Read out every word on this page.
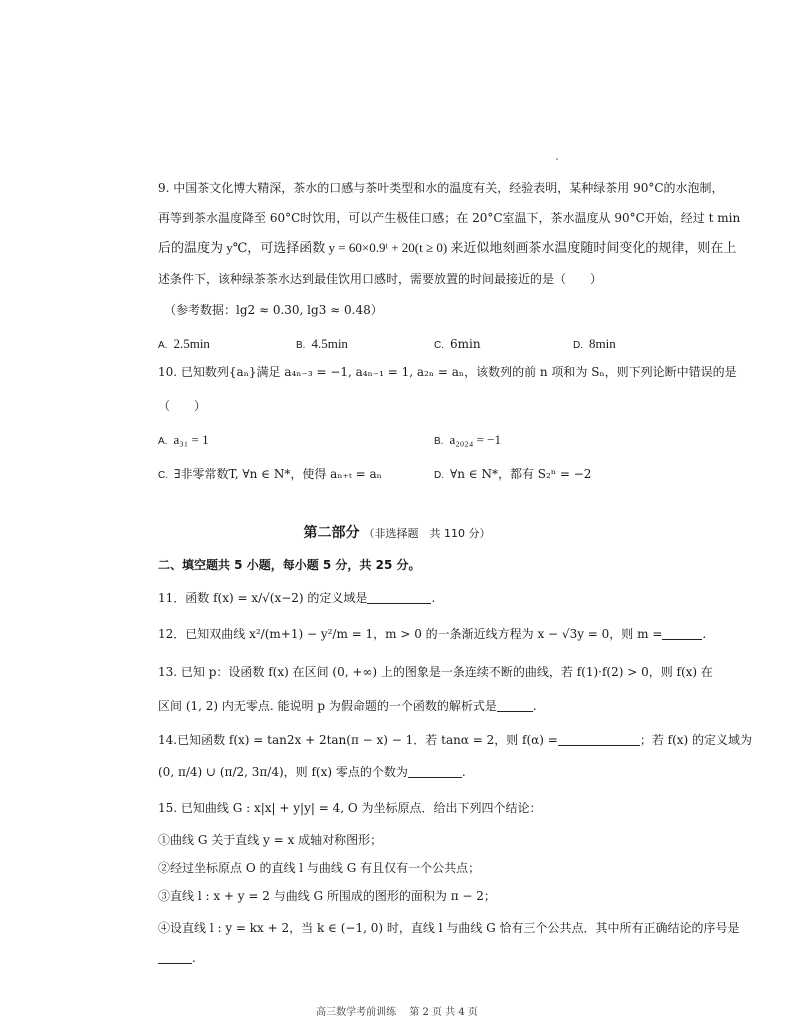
9. 中国茶文化博大精深，茶水的口感与茶叶类型和水的温度有关，经验表明，某种绿茶用 90°C的水泡制，
再等到茶水温度降至 60°C时饮用，可以产生极佳口感；在 20°C室温下，茶水温度从 90°C开始，经过 t min
后的温度为 y℃，可选择函数 y = 60×0.9ᵗ + 20(t ≥ 0) 来近似地刻画茶水温度随时间变化的规律，则在上
述条件下，该种绿茶茶水达到最佳饮用口感时，需要放置的时间最接近的是（　　）
（参考数据：lg2 ≈ 0.30, lg3 ≈ 0.48）
A. 2.5min	B. 4.5min	C. 6min	D. 8min
10. 已知数列{aₙ}满足 a₄ₙ₋₃ = −1, a₄ₙ₋₁ = 1, a₂ₙ = aₙ，该数列的前 n 项和为 Sₙ，则下列论断中错误的是
（　　）
A. a₃₁ = 1	B. a₂₀₂₄ = −1
C. ∃非零常数T, ∀n ∈ N*，使得 aₙ₊ₜ = aₙ	D. ∀n ∈ N*，都有 S₂ⁿ = −2
第二部分 （非选择题　共 110 分）
二、填空题共 5 小题，每小题 5 分，共 25 分。
11．函数 f(x) = x/√(x−2) 的定义域是	.
12．已知双曲线 x²/(m+1) − y²/m = 1，m > 0 的一条渐近线方程为 x − √3y = 0，则 m =	.
13. 已知 p：设函数 f(x) 在区间 (0, +∞) 上的图象是一条连续不断的曲线，若 f(1)·f(2) > 0，则 f(x) 在
区间 (1, 2) 内无零点. 能说明 p 为假命题的一个函数的解析式是	.
14.已知函数 f(x) = tan2x + 2tan(π − x) − 1．若 tanα = 2，则 f(α) =	；若 f(x) 的定义域为
(0, π/4) ∪ (π/2, 3π/4)，则 f(x) 零点的个数为	.
15. 已知曲线 G : x|x| + y|y| = 4, O 为坐标原点．给出下列四个结论：
①曲线 G 关于直线 y = x 成轴对称图形；
②经过坐标原点 O 的直线 l 与曲线 G 有且仅有一个公共点；
③直线 l : x + y = 2 与曲线 G 所围成的图形的面积为 π − 2；
④设直线 l : y = kx + 2，当 k ∈ (−1, 0) 时，直线 l 与曲线 G 恰有三个公共点．其中所有正确结论的序号是
.
高三数学考前训练　 第 2 页 共 4 页
